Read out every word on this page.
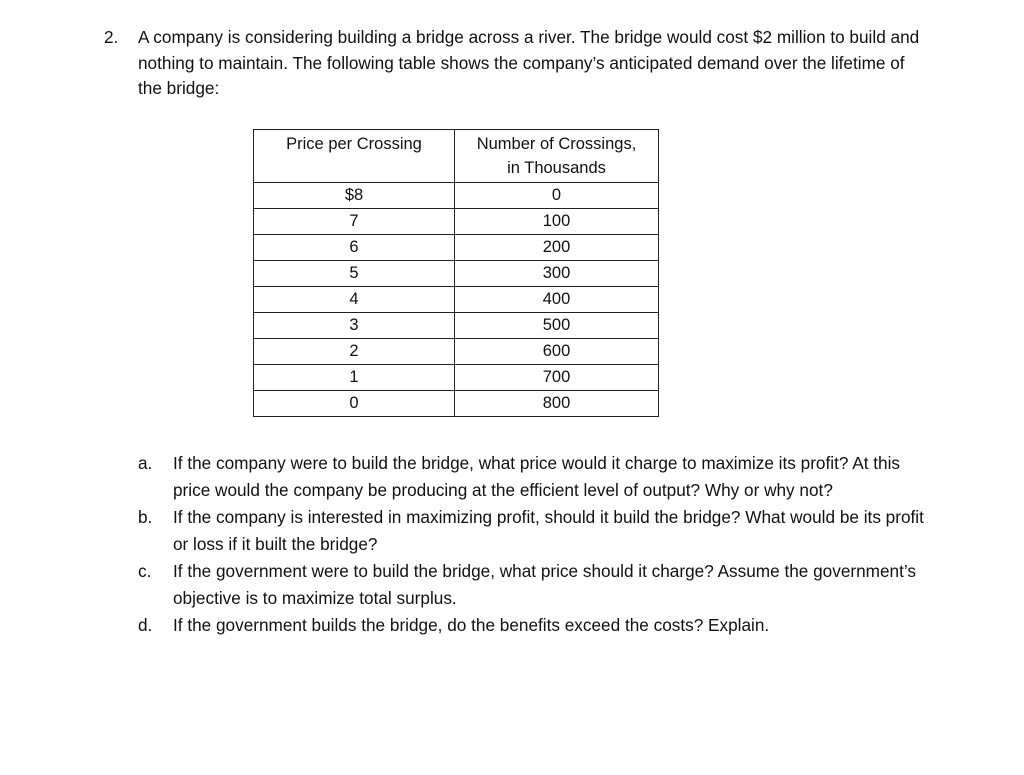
2. A company is considering building a bridge across a river. The bridge would cost $2 million to build and nothing to maintain. The following table shows the company’s anticipated demand over the lifetime of the bridge:
Price per Crossing	Number of Crossings,
in Thousands
$8	0
7	100
6	200
5	300
4	400
3	500
2	600
1	700
0	800
a. If the company were to build the bridge, what price would it charge to maximize its profit? At this price would the company be producing at the efficient level of output? Why or why not?
b. If the company is interested in maximizing profit, should it build the bridge? What would be its profit or loss if it built the bridge?
c. If the government were to build the bridge, what price should it charge? Assume the government’s objective is to maximize total surplus.
d. If the government builds the bridge, do the benefits exceed the costs? Explain.
